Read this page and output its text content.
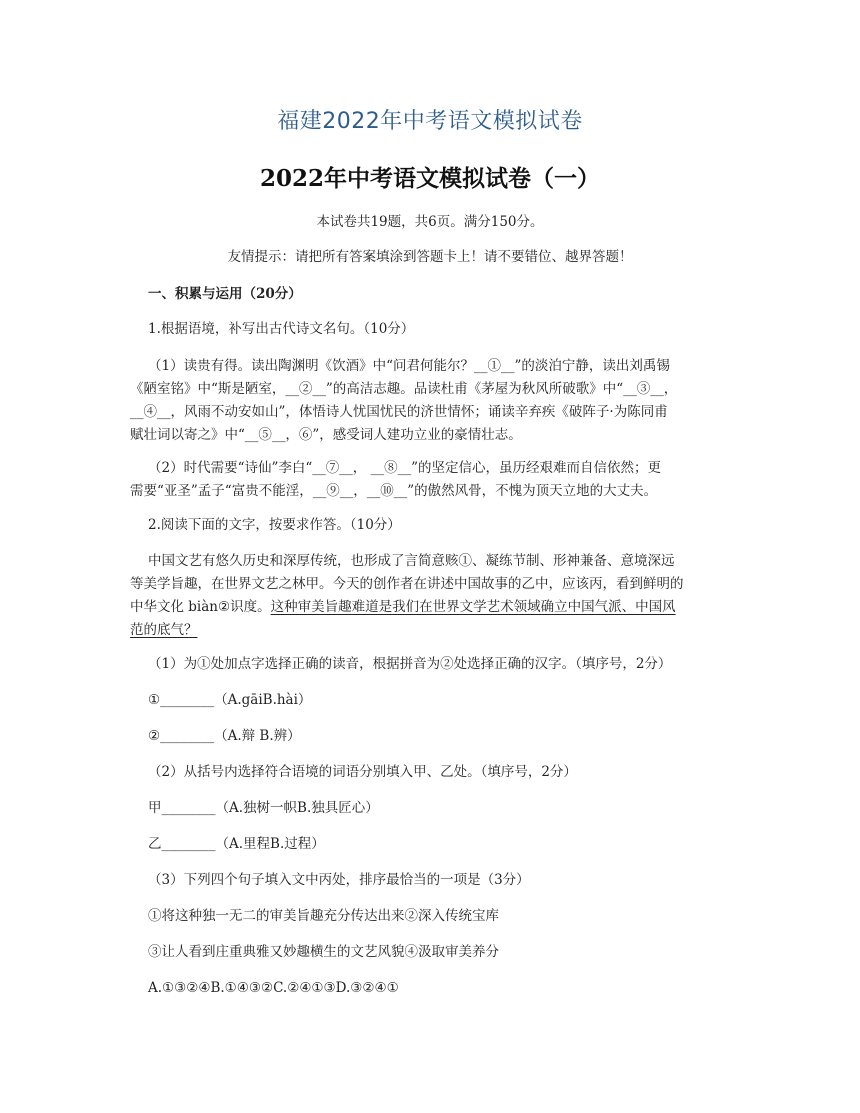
福建2022年中考语文模拟试卷
2022年中考语文模拟试卷（一）
本试卷共19题，共6页。满分150分。
友情提示：请把所有答案填涂到答题卡上！请不要错位、越界答题！
一、积累与运用（20分）
1.根据语境，补写出古代诗文名句。（10分）
（1）读贵有得。读出陶渊明《饮酒》中“问君何能尔？__①__”的淡泊宁静，读出刘禹锡
《陋室铭》中“斯是陋室，__②__”的高洁志趣。品读杜甫《茅屋为秋风所破歌》中“__③__，
__④__，风雨不动安如山”，体悟诗人忧国忧民的济世情怀；诵读辛弃疾《破阵子·为陈同甫
赋壮词以寄之》中“__⑤__，⑥”，感受词人建功立业的豪情壮志。
（2）时代需要“诗仙”李白“__⑦__， __⑧__”的坚定信心，虽历经艰难而自信依然；更
需要“亚圣”孟子“富贵不能淫，__⑨__，__⑩__”的傲然风骨，不愧为顶天立地的大丈夫。
2.阅读下面的文字，按要求作答。（10分）
中国文艺有悠久历史和深厚传统，也形成了言简意赅①、凝练节制、形神兼备、意境深远
等美学旨趣，在世界文艺之林甲。今天的创作者在讲述中国故事的乙中，应该丙，看到鲜明的
中华文化 biàn②识度。这种审美旨趣难道是我们在世界文学艺术领域确立中国气派、中国风
范的底气？
（1）为①处加点字选择正确的读音，根据拼音为②处选择正确的汉字。（填序号，2分）
①________（A.gāiB.hài）
②________（A.辩 B.辨）
（2）从括号内选择符合语境的词语分别填入甲、乙处。（填序号，2分）
甲________（A.独树一帜B.独具匠心）
乙________（A.里程B.过程）
（3）下列四个句子填入文中丙处，排序最恰当的一项是（3分）
①将这种独一无二的审美旨趣充分传达出来②深入传统宝库
③让人看到庄重典雅又妙趣横生的文艺风貌④汲取审美养分
A.①③②④B.①④③②C.②④①③D.③②④①
